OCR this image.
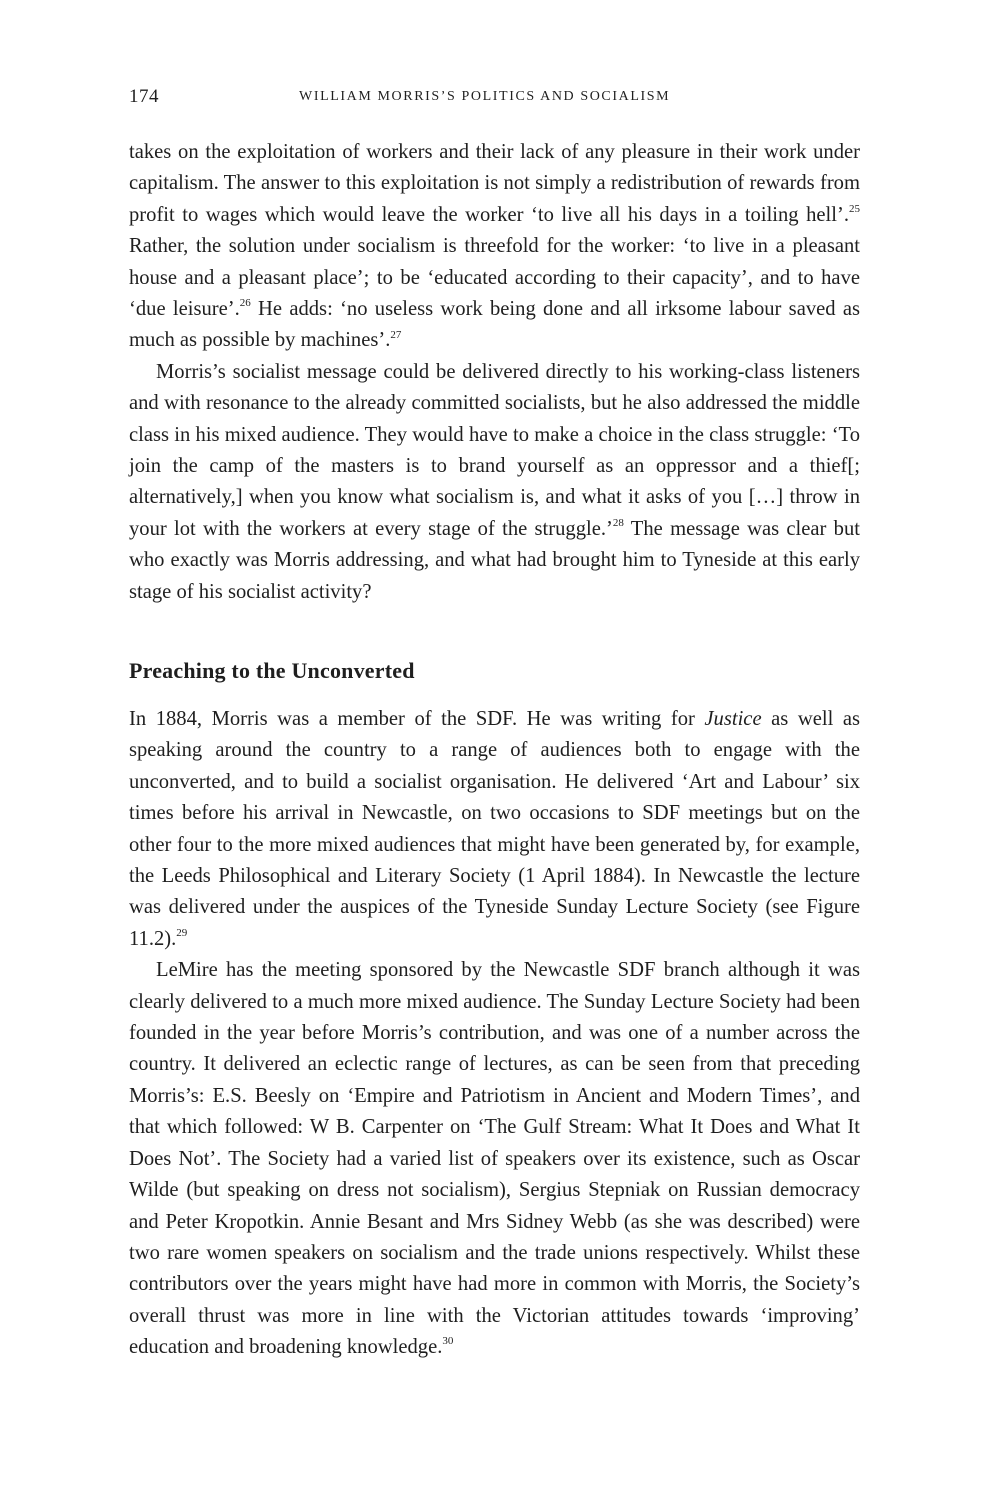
174	WILLIAM MORRIS’S POLITICS AND SOCIALISM

takes on the exploitation of workers and their lack of any pleasure in their work under capitalism. The answer to this exploitation is not simply a redistribution of rewards from profit to wages which would leave the worker ‘to live all his days in a toiling hell’.$^{25}$ Rather, the solution under socialism is threefold for the worker: ‘to live in a pleasant house and a pleasant place’; to be ‘educated according to their capacity’, and to have ‘due leisure’.$^{26}$ He adds: ‘no useless work being done and all irksome labour saved as much as possible by machines’.$^{27}$

Morris’s socialist message could be delivered directly to his working-class listeners and with resonance to the already committed socialists, but he also addressed the middle class in his mixed audience. They would have to make a choice in the class struggle: ‘To join the camp of the masters is to brand yourself as an oppressor and a thief[; alternatively,] when you know what socialism is, and what it asks of you […] throw in your lot with the workers at every stage of the struggle.’$^{28}$ The message was clear but who exactly was Morris addressing, and what had brought him to Tyneside at this early stage of his socialist activity?

Preaching to the Unconverted

In 1884, Morris was a member of the SDF. He was writing for Justice as well as speaking around the country to a range of audiences both to engage with the unconverted, and to build a socialist organisation. He delivered ‘Art and Labour’ six times before his arrival in Newcastle, on two occasions to SDF meetings but on the other four to the more mixed audiences that might have been generated by, for example, the Leeds Philosophical and Literary Society (1 April 1884). In Newcastle the lecture was delivered under the auspices of the Tyneside Sunday Lecture Society (see Figure 11.2).$^{29}$

LeMire has the meeting sponsored by the Newcastle SDF branch although it was clearly delivered to a much more mixed audience. The Sunday Lecture Society had been founded in the year before Morris’s contribution, and was one of a number across the country. It delivered an eclectic range of lectures, as can be seen from that preceding Morris’s: E.S. Beesly on ‘Empire and Patriotism in Ancient and Modern Times’, and that which followed: W B. Carpenter on ‘The Gulf Stream: What It Does and What It Does Not’. The Society had a varied list of speakers over its existence, such as Oscar Wilde (but speaking on dress not socialism), Sergius Stepniak on Russian democracy and Peter Kropotkin. Annie Besant and Mrs Sidney Webb (as she was described) were two rare women speakers on socialism and the trade unions respectively. Whilst these contributors over the years might have had more in common with Morris, the Society’s overall thrust was more in line with the Victorian attitudes towards ‘improving’ education and broadening knowledge.$^{30}$
